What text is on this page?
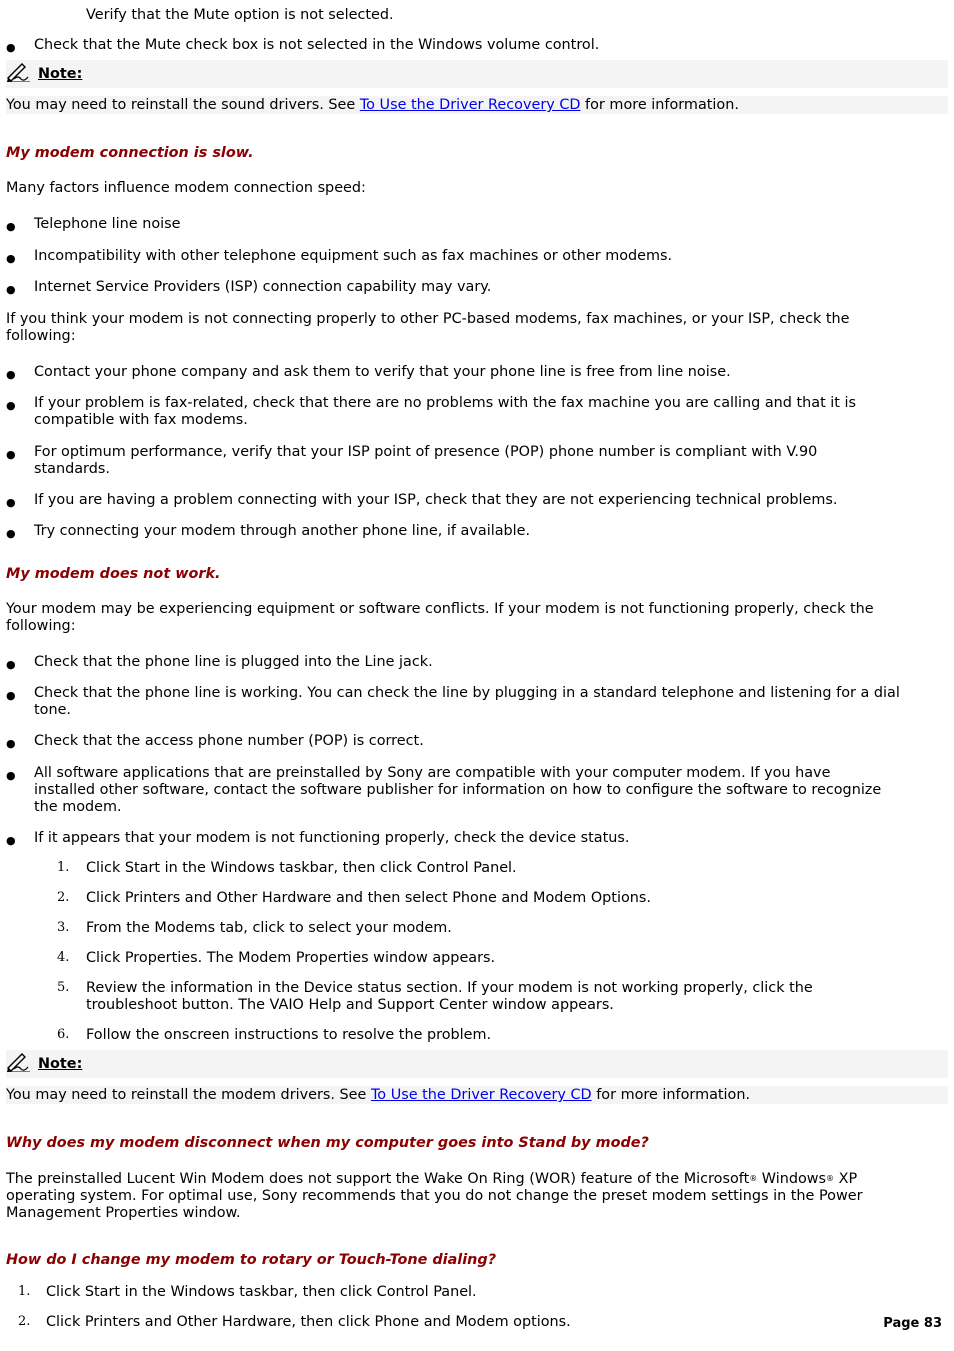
Verify that the Mute option is not selected.
● Check that the Mute check box is not selected in the Windows volume control.
Note:
You may need to reinstall the sound drivers. See To Use the Driver Recovery CD for more information.
My modem connection is slow.
Many factors influence modem connection speed:
● Telephone line noise
● Incompatibility with other telephone equipment such as fax machines or other modems.
● Internet Service Providers (ISP) connection capability may vary.
If you think your modem is not connecting properly to other PC-based modems, fax machines, or your ISP, check the following:
● Contact your phone company and ask them to verify that your phone line is free from line noise.
● If your problem is fax-related, check that there are no problems with the fax machine you are calling and that it is compatible with fax modems.
● For optimum performance, verify that your ISP point of presence (POP) phone number is compliant with V.90 standards.
● If you are having a problem connecting with your ISP, check that they are not experiencing technical problems.
● Try connecting your modem through another phone line, if available.
My modem does not work.
Your modem may be experiencing equipment or software conflicts. If your modem is not functioning properly, check the following:
● Check that the phone line is plugged into the Line jack.
● Check that the phone line is working. You can check the line by plugging in a standard telephone and listening for a dial tone.
● Check that the access phone number (POP) is correct.
● All software applications that are preinstalled by Sony are compatible with your computer modem. If you have installed other software, contact the software publisher for information on how to configure the software to recognize the modem.
● If it appears that your modem is not functioning properly, check the device status.
1. Click Start in the Windows taskbar, then click Control Panel.
2. Click Printers and Other Hardware and then select Phone and Modem Options.
3. From the Modems tab, click to select your modem.
4. Click Properties. The Modem Properties window appears.
5. Review the information in the Device status section. If your modem is not working properly, click the troubleshoot button. The VAIO Help and Support Center window appears.
6. Follow the onscreen instructions to resolve the problem.
Note:
You may need to reinstall the modem drivers. See To Use the Driver Recovery CD for more information.
Why does my modem disconnect when my computer goes into Stand by mode?
The preinstalled Lucent Win Modem does not support the Wake On Ring (WOR) feature of the Microsoft® Windows® XP operating system. For optimal use, Sony recommends that you do not change the preset modem settings in the Power Management Properties window.
How do I change my modem to rotary or Touch-Tone dialing?
1. Click Start in the Windows taskbar, then click Control Panel.
2. Click Printers and Other Hardware, then click Phone and Modem options.	Page 83
